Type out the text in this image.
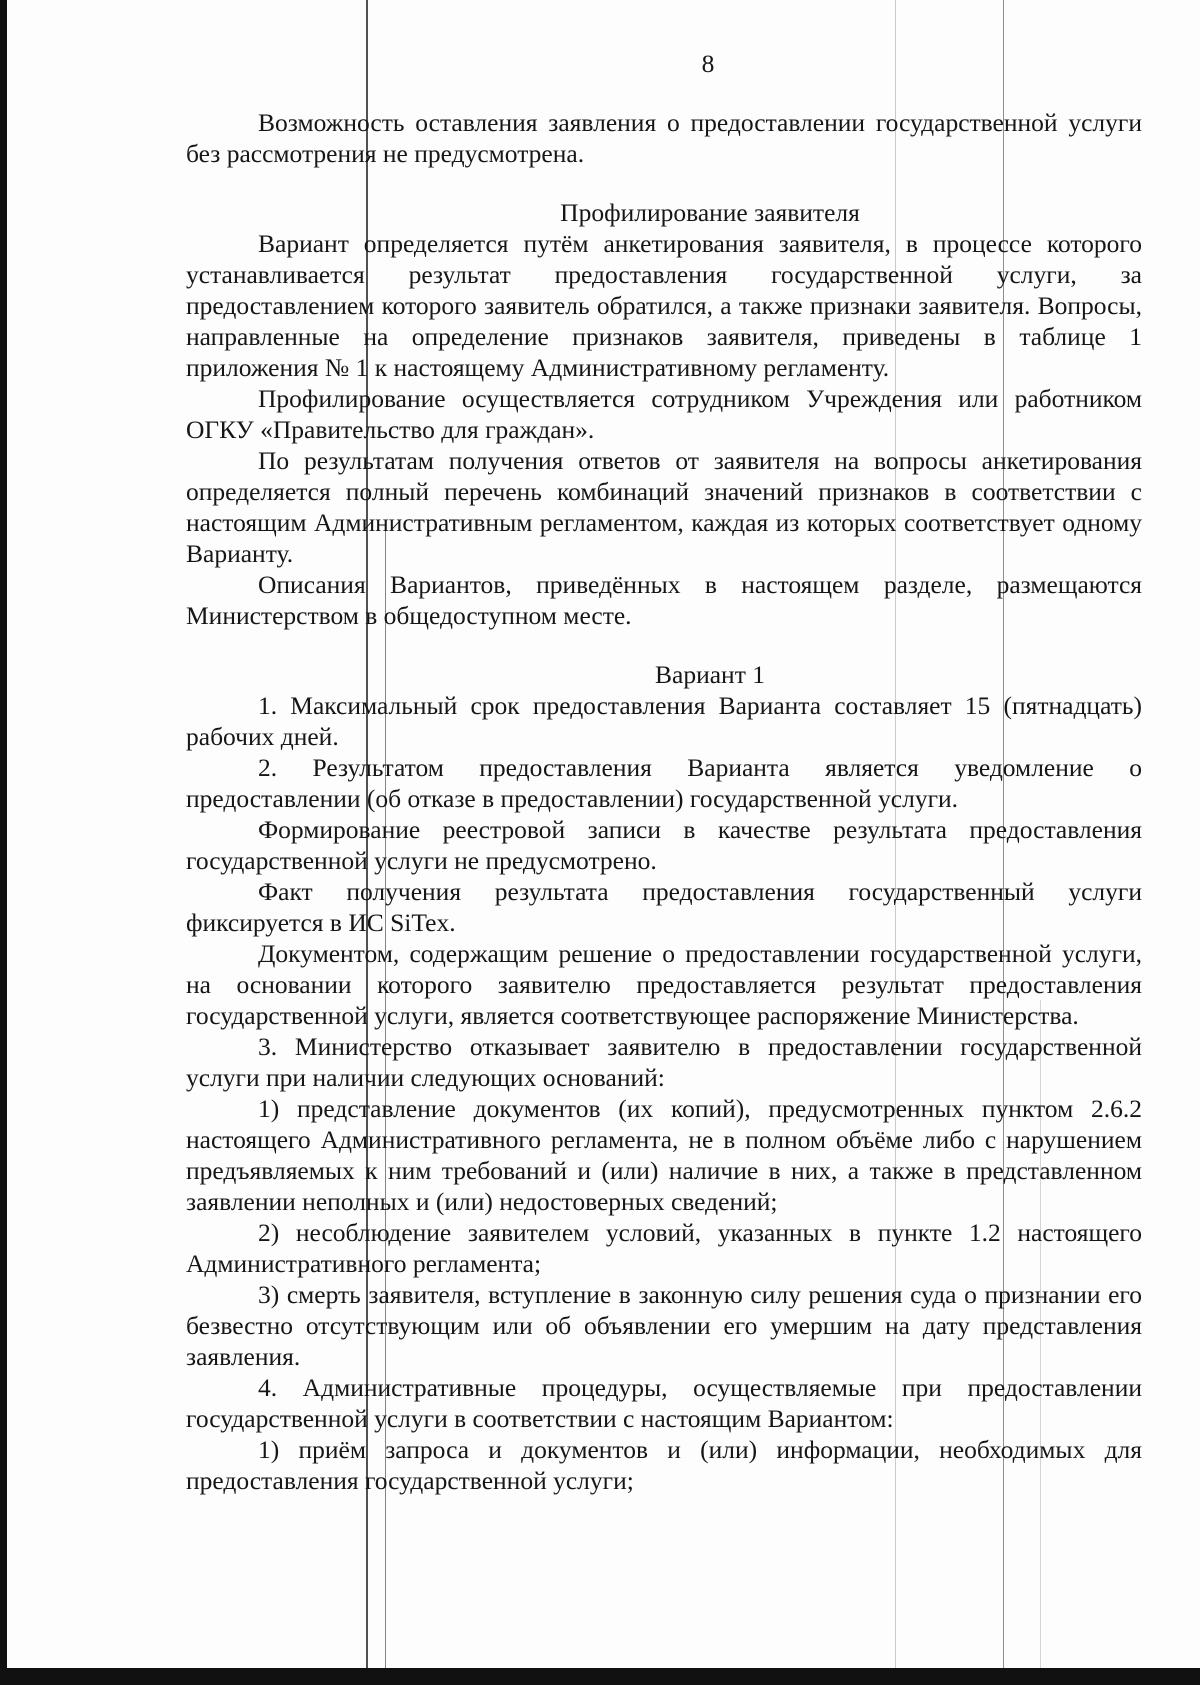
8

Возможность оставления заявления о предоставлении государственной услуги без рассмотрения не предусмотрена.

Профилирование заявителя

Вариант определяется путём анкетирования заявителя, в процессе которого устанавливается результат предоставления государственной услуги, за предоставлением которого заявитель обратился, а также признаки заявителя. Вопросы, направленные на определение признаков заявителя, приведены в таблице 1 приложения № 1 к настоящему Административному регламенту.

Профилирование осуществляется сотрудником Учреждения или работником ОГКУ «Правительство для граждан».

По результатам получения ответов от заявителя на вопросы анкетирования определяется полный перечень комбинаций значений признаков в соответствии с настоящим Административным регламентом, каждая из которых соответствует одному Варианту.

Описания Вариантов, приведённых в настоящем разделе, размещаются Министерством в общедоступном месте.

Вариант 1

1. Максимальный срок предоставления Варианта составляет 15 (пятнадцать) рабочих дней.

2. Результатом предоставления Варианта является уведомление о предоставлении (об отказе в предоставлении) государственной услуги.

Формирование реестровой записи в качестве результата предоставления государственной услуги не предусмотрено.

Факт получения результата предоставления государственный услуги фиксируется в ИС SiTex.

Документом, содержащим решение о предоставлении государственной услуги, на основании которого заявителю предоставляется результат предоставления государственной услуги, является соответствующее распоряжение Министерства.

3. Министерство отказывает заявителю в предоставлении государственной услуги при наличии следующих оснований:

1) представление документов (их копий), предусмотренных пунктом 2.6.2 настоящего Административного регламента, не в полном объёме либо с нарушением предъявляемых к ним требований и (или) наличие в них, а также в представленном заявлении неполных и (или) недостоверных сведений;

2) несоблюдение заявителем условий, указанных в пункте 1.2 настоящего Административного регламента;

3) смерть заявителя, вступление в законную силу решения суда о признании его безвестно отсутствующим или об объявлении его умершим на дату представления заявления.

4. Административные процедуры, осуществляемые при предоставлении государственной услуги в соответствии с настоящим Вариантом:

1) приём запроса и документов и (или) информации, необходимых для предоставления государственной услуги;
